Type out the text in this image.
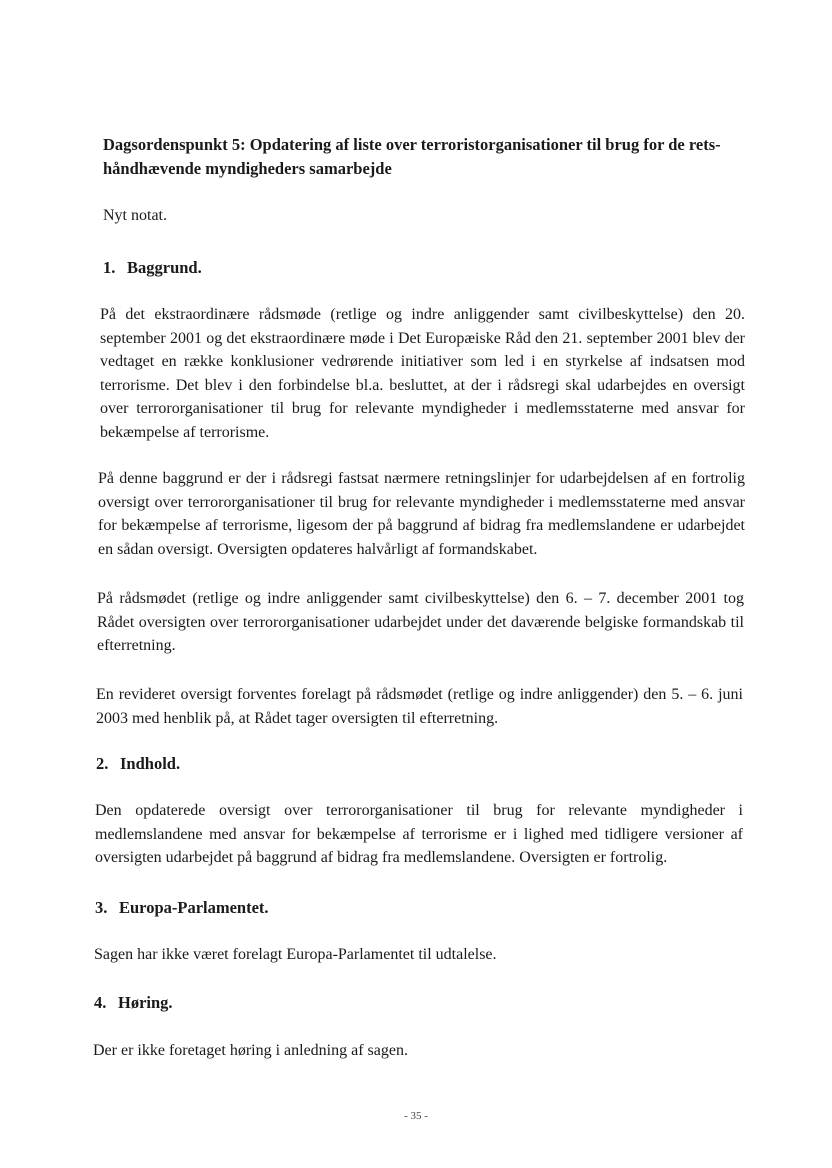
Dagsordenspunkt 5: Opdatering af liste over terroristorganisationer til brug for de rets-håndhævende myndigheders samarbejde
Nyt notat.
1. Baggrund.

På det ekstraordinære rådsmøde (retlige og indre anliggender samt civilbeskyttelse) den 20. september 2001 og det ekstraordinære møde i Det Europæiske Råd den 21. september 2001 blev der vedtaget en række konklusioner vedrørende initiativer som led i en styrkelse af indsatsen mod terrorisme. Det blev i den forbindelse bl.a. besluttet, at der i rådsregi skal udarbejdes en oversigt over terrororganisationer til brug for relevante myndigheder i medlemsstaterne med ansvar for bekæmpelse af terrorisme.

På denne baggrund er der i rådsregi fastsat nærmere retningslinjer for udarbejdelsen af en fortrolig oversigt over terrororganisationer til brug for relevante myndigheder i medlemsstaterne med ansvar for bekæmpelse af terrorisme, ligesom der på baggrund af bidrag fra medlemslandene er udarbejdet en sådan oversigt. Oversigten opdateres halvårligt af formandskabet.

På rådsmødet (retlige og indre anliggender samt civilbeskyttelse) den 6. – 7. december 2001 tog Rådet oversigten over terrororganisationer udarbejdet under det daværende belgiske formandskab til efterretning.

En revideret oversigt forventes forelagt på rådsmødet (retlige og indre anliggender) den 5. – 6. juni 2003 med henblik på, at Rådet tager oversigten til efterretning.

2. Indhold.

Den opdaterede oversigt over terrororganisationer til brug for relevante myndigheder i medlemslandene med ansvar for bekæmpelse af terrorisme er i lighed med tidligere versioner af oversigten udarbejdet på baggrund af bidrag fra medlemslandene. Oversigten er fortrolig.

3. Europa-Parlamentet.

Sagen har ikke været forelagt Europa-Parlamentet til udtalelse.

4. Høring.

Der er ikke foretaget høring i anledning af sagen.

- 35 -
